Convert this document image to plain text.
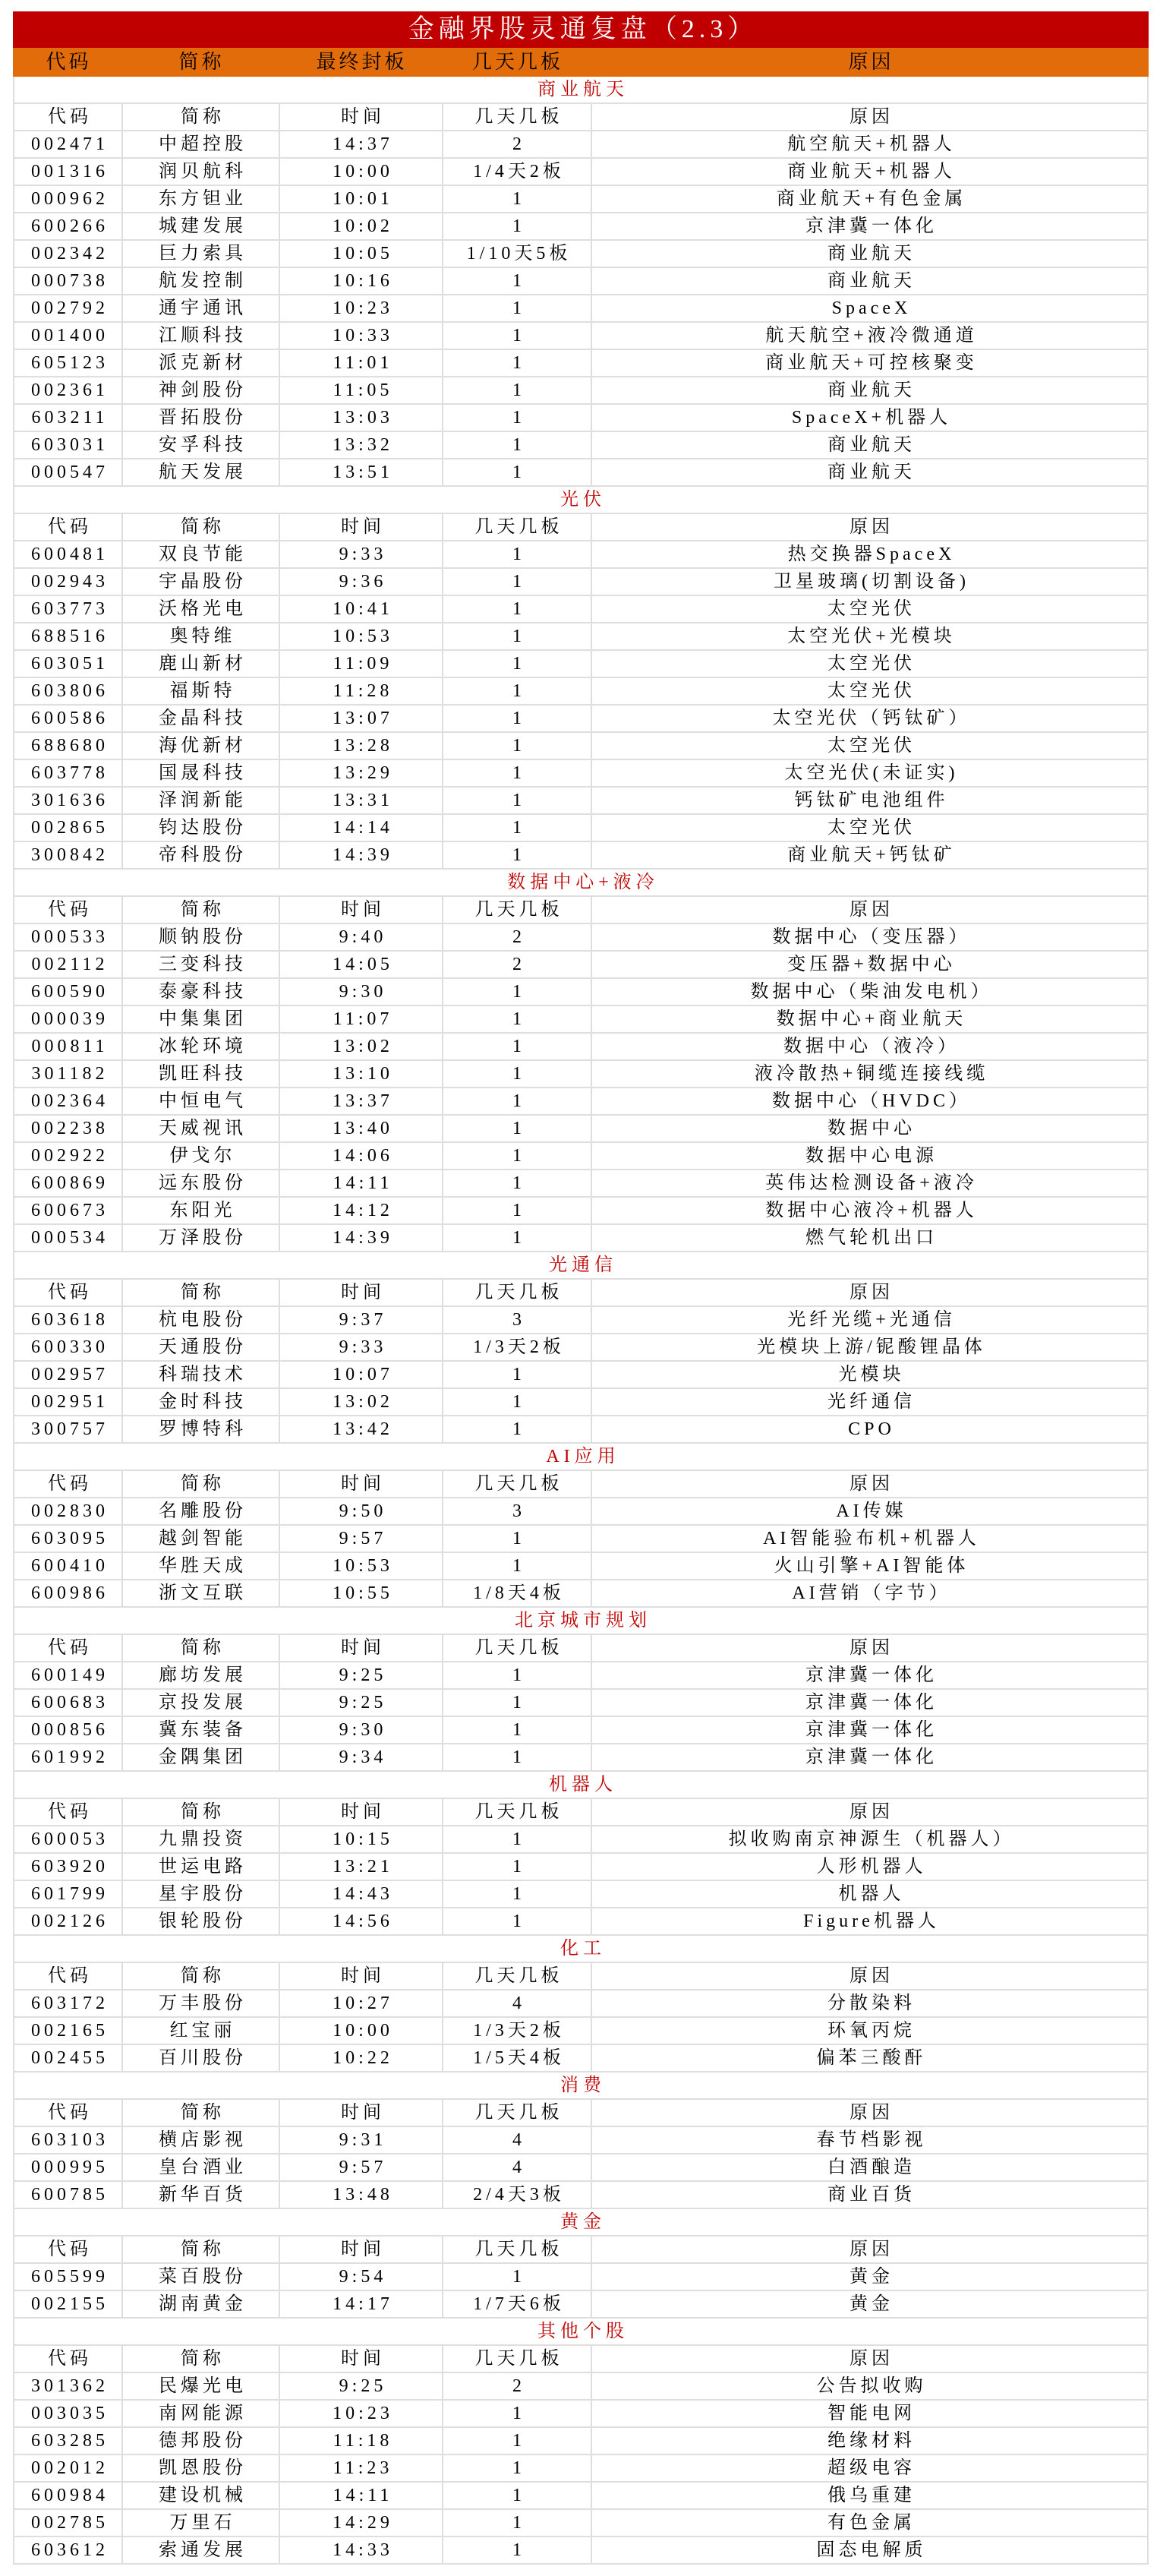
金融界股灵通复盘（2.3）
代码	简称	最终封板	几天几板	原因
商业航天
代码	简称	时间	几天几板	原因
002471	中超控股	14:37	2	航空航天+机器人
001316	润贝航科	10:00	1/4天2板	商业航天+机器人
000962	东方钽业	10:01	1	商业航天+有色金属
600266	城建发展	10:02	1	京津冀一体化
002342	巨力索具	10:05	1/10天5板	商业航天
000738	航发控制	10:16	1	商业航天
002792	通宇通讯	10:23	1	SpaceX
001400	江顺科技	10:33	1	航天航空+液冷微通道
605123	派克新材	11:01	1	商业航天+可控核聚变
002361	神剑股份	11:05	1	商业航天
603211	晋拓股份	13:03	1	SpaceX+机器人
603031	安孚科技	13:32	1	商业航天
000547	航天发展	13:51	1	商业航天
光伏
代码	简称	时间	几天几板	原因
600481	双良节能	9:33	1	热交换器SpaceX
002943	宇晶股份	9:36	1	卫星玻璃(切割设备)
603773	沃格光电	10:41	1	太空光伏
688516	奥特维	10:53	1	太空光伏+光模块
603051	鹿山新材	11:09	1	太空光伏
603806	福斯特	11:28	1	太空光伏
600586	金晶科技	13:07	1	太空光伏（钙钛矿）
688680	海优新材	13:28	1	太空光伏
603778	国晟科技	13:29	1	太空光伏(未证实)
301636	泽润新能	13:31	1	钙钛矿电池组件
002865	钧达股份	14:14	1	太空光伏
300842	帝科股份	14:39	1	商业航天+钙钛矿
数据中心+液冷
代码	简称	时间	几天几板	原因
000533	顺钠股份	9:40	2	数据中心（变压器）
002112	三变科技	14:05	2	变压器+数据中心
600590	泰豪科技	9:30	1	数据中心（柴油发电机）
000039	中集集团	11:07	1	数据中心+商业航天
000811	冰轮环境	13:02	1	数据中心（液冷）
301182	凯旺科技	13:10	1	液冷散热+铜缆连接线缆
002364	中恒电气	13:37	1	数据中心（HVDC）
002238	天威视讯	13:40	1	数据中心
002922	伊戈尔	14:06	1	数据中心电源
600869	远东股份	14:11	1	英伟达检测设备+液冷
600673	东阳光	14:12	1	数据中心液冷+机器人
000534	万泽股份	14:39	1	燃气轮机出口
光通信
代码	简称	时间	几天几板	原因
603618	杭电股份	9:37	3	光纤光缆+光通信
600330	天通股份	9:33	1/3天2板	光模块上游/铌酸锂晶体
002957	科瑞技术	10:07	1	光模块
002951	金时科技	13:02	1	光纤通信
300757	罗博特科	13:42	1	CPO
AI应用
代码	简称	时间	几天几板	原因
002830	名雕股份	9:50	3	AI传媒
603095	越剑智能	9:57	1	AI智能验布机+机器人
600410	华胜天成	10:53	1	火山引擎+AI智能体
600986	浙文互联	10:55	1/8天4板	AI营销（字节）
北京城市规划
代码	简称	时间	几天几板	原因
600149	廊坊发展	9:25	1	京津冀一体化
600683	京投发展	9:25	1	京津冀一体化
000856	冀东装备	9:30	1	京津冀一体化
601992	金隅集团	9:34	1	京津冀一体化
机器人
代码	简称	时间	几天几板	原因
600053	九鼎投资	10:15	1	拟收购南京神源生（机器人）
603920	世运电路	13:21	1	人形机器人
601799	星宇股份	14:43	1	机器人
002126	银轮股份	14:56	1	Figure机器人
化工
代码	简称	时间	几天几板	原因
603172	万丰股份	10:27	4	分散染料
002165	红宝丽	10:00	1/3天2板	环氧丙烷
002455	百川股份	10:22	1/5天4板	偏苯三酸酐
消费
代码	简称	时间	几天几板	原因
603103	横店影视	9:31	4	春节档影视
000995	皇台酒业	9:57	4	白酒酿造
600785	新华百货	13:48	2/4天3板	商业百货
黄金
代码	简称	时间	几天几板	原因
605599	菜百股份	9:54	1	黄金
002155	湖南黄金	14:17	1/7天6板	黄金
其他个股
代码	简称	时间	几天几板	原因
301362	民爆光电	9:25	2	公告拟收购
003035	南网能源	10:23	1	智能电网
603285	德邦股份	11:18	1	绝缘材料
002012	凯恩股份	11:23	1	超级电容
600984	建设机械	14:11	1	俄乌重建
002785	万里石	14:29	1	有色金属
603612	索通发展	14:33	1	固态电解质
